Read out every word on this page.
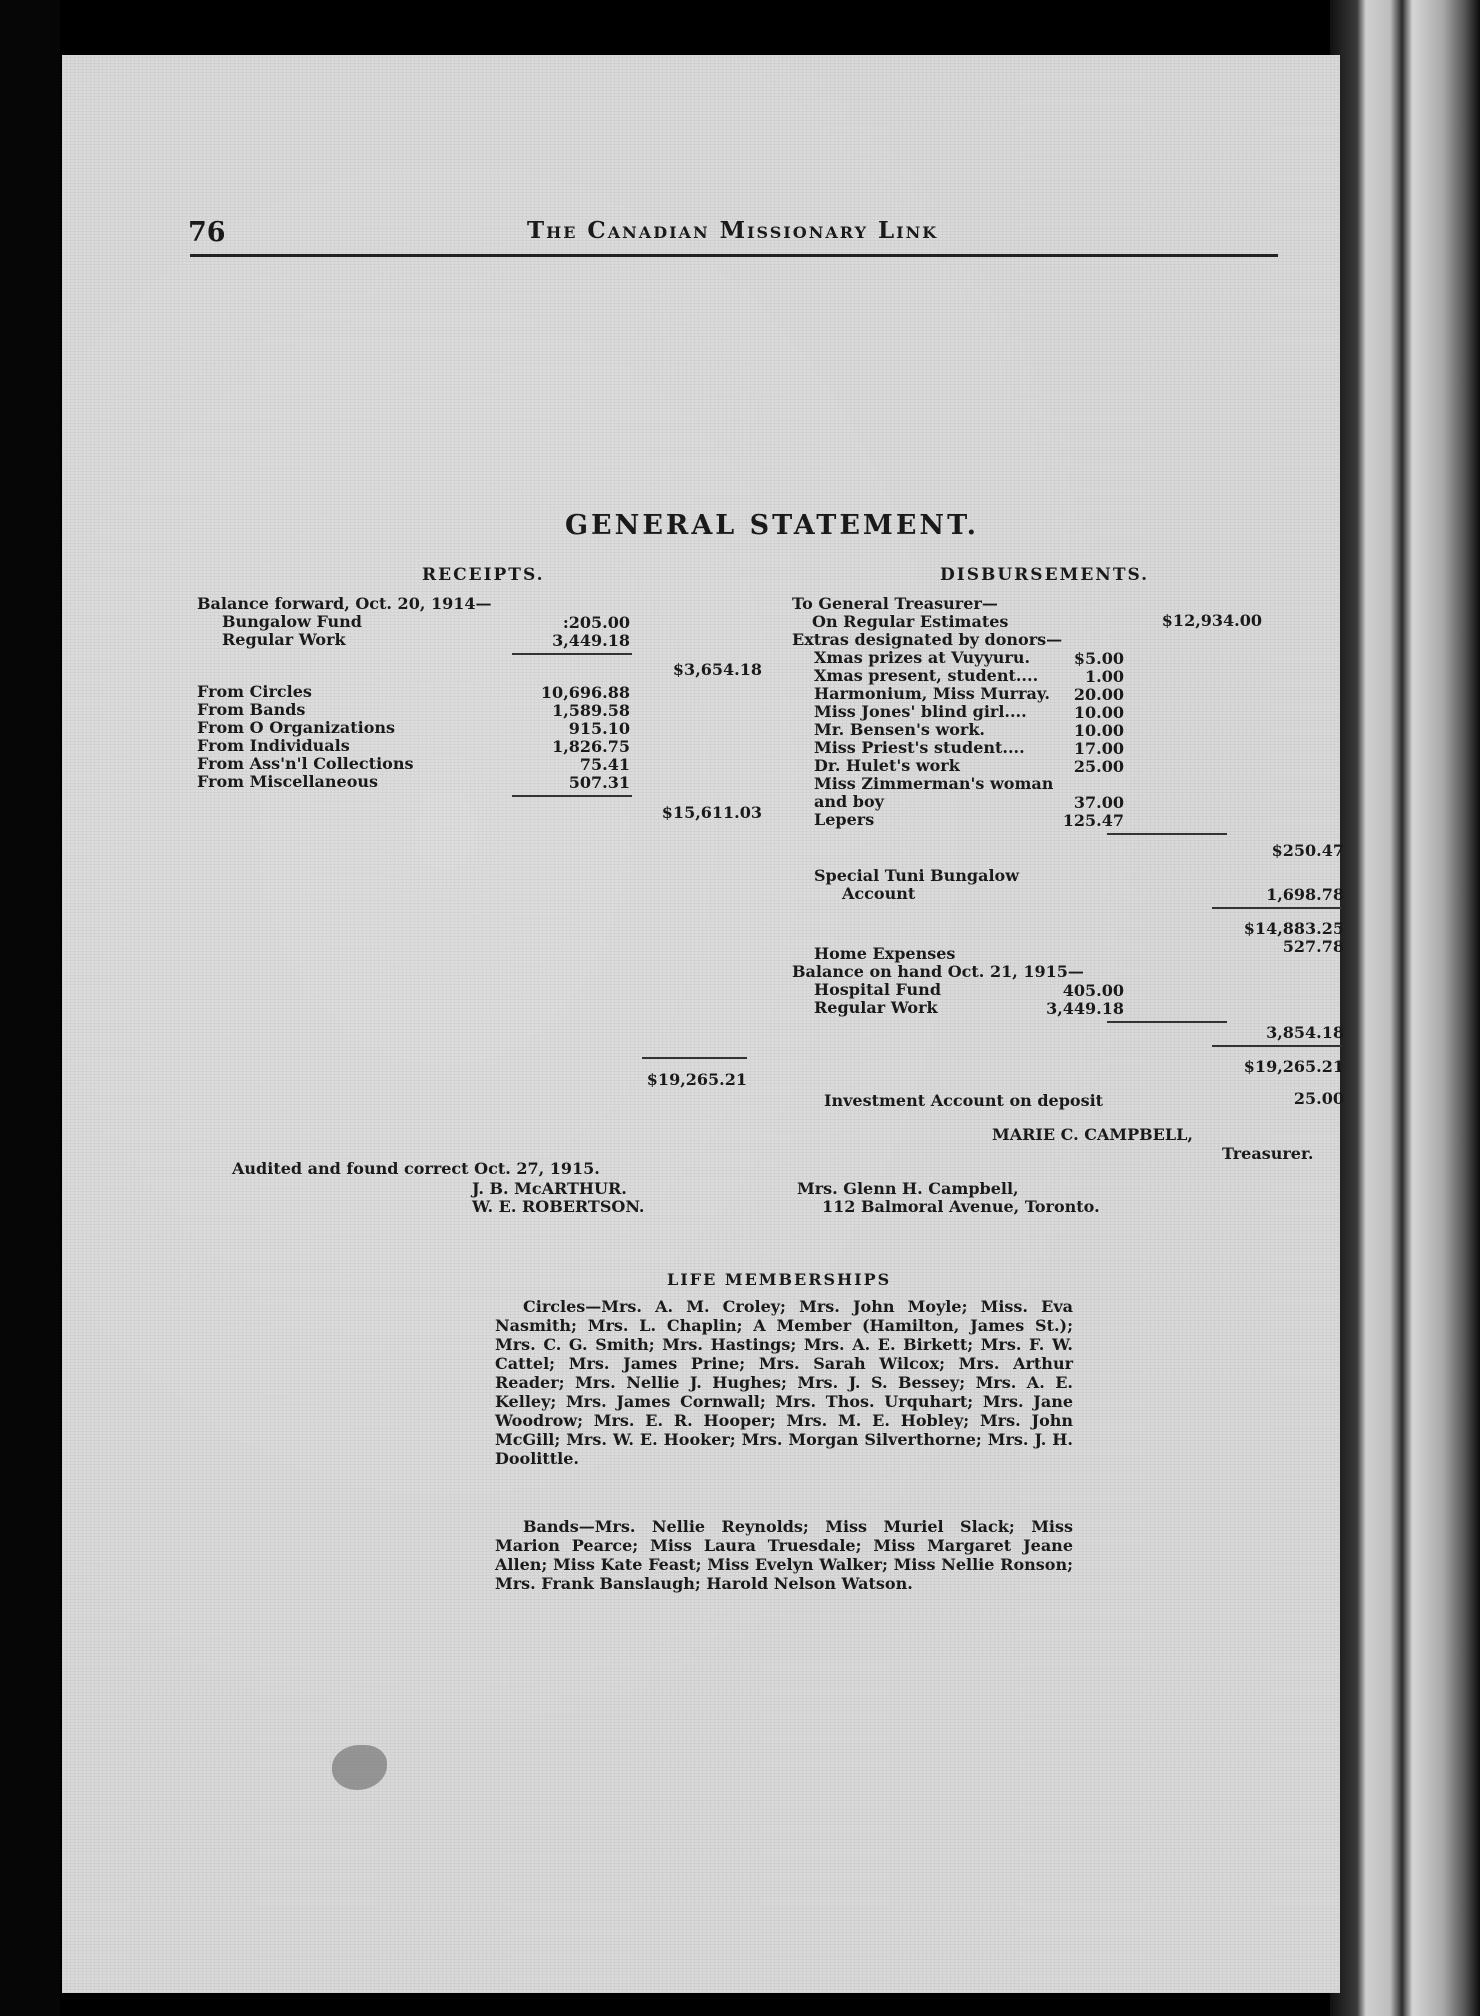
76	The Canadian Missionary Link
GENERAL STATEMENT.
RECEIPTS.
Balance forward, Oct. 20, 1914—
Bungalow Fund	:205.00
Regular Work	3,449.18
$3,654.18
From Circles	10,696.88
From Bands	1,589.58
From O Organizations	915.10
From Individuals	1,826.75
From Ass'n'l Collections	75.41
From Miscellaneous	507.31
$15,611.03
$19,265.21
DISBURSEMENTS.
To General Treasurer—
On Regular Estimates	$12,934.00
Extras designated by donors—
Xmas prizes at Vuyyuru.	$5.00
Xmas present, student....	1.00
Harmonium, Miss Murray.	20.00
Miss Jones' blind girl....	10.00
Mr. Bensen's work.	10.00
Miss Priest's student....	17.00
Dr. Hulet's work	25.00
Miss Zimmerman's woman
and boy	37.00
Lepers	125.47
$250.47
Special Tuni Bungalow
Account	1,698.78
$14,883.25
Home Expenses	527.78
Balance on hand Oct. 21, 1915—
Hospital Fund	405.00
Regular Work	3,449.18
3,854.18
$19,265.21
Investment Account on deposit	25.00
MARIE C. CAMPBELL,
Treasurer.
Audited and found correct Oct. 27, 1915.
J. B. McARTHUR.
W. E. ROBERTSON.
Mrs. Glenn H. Campbell,
112 Balmoral Avenue, Toronto.
LIFE MEMBERSHIPS

Circles—Mrs. A. M. Croley; Mrs. John Moyle; Miss. Eva Nasmith; Mrs. L. Chaplin; A Member (Hamilton, James St.); Mrs. C. G. Smith; Mrs. Hastings; Mrs. A. E. Birkett; Mrs. F. W. Cattel; Mrs. James Prine; Mrs. Sarah Wilcox; Mrs. Arthur Reader; Mrs. Nellie J. Hughes; Mrs. J. S. Bessey; Mrs. A. E. Kelley; Mrs. James Cornwall; Mrs. Thos. Urquhart; Mrs. Jane Woodrow; Mrs. E. R. Hooper; Mrs. M. E. Hobley; Mrs. John McGill; Mrs. W. E. Hooker; Mrs. Morgan Silverthorne; Mrs. J. H. Doolittle.

Bands—Mrs. Nellie Reynolds; Miss Muriel Slack; Miss Marion Pearce; Miss Laura Truesdale; Miss Margaret Jeane Allen; Miss Kate Feast; Miss Evelyn Walker; Miss Nellie Ronson; Mrs. Frank Banslaugh; Harold Nelson Watson.
